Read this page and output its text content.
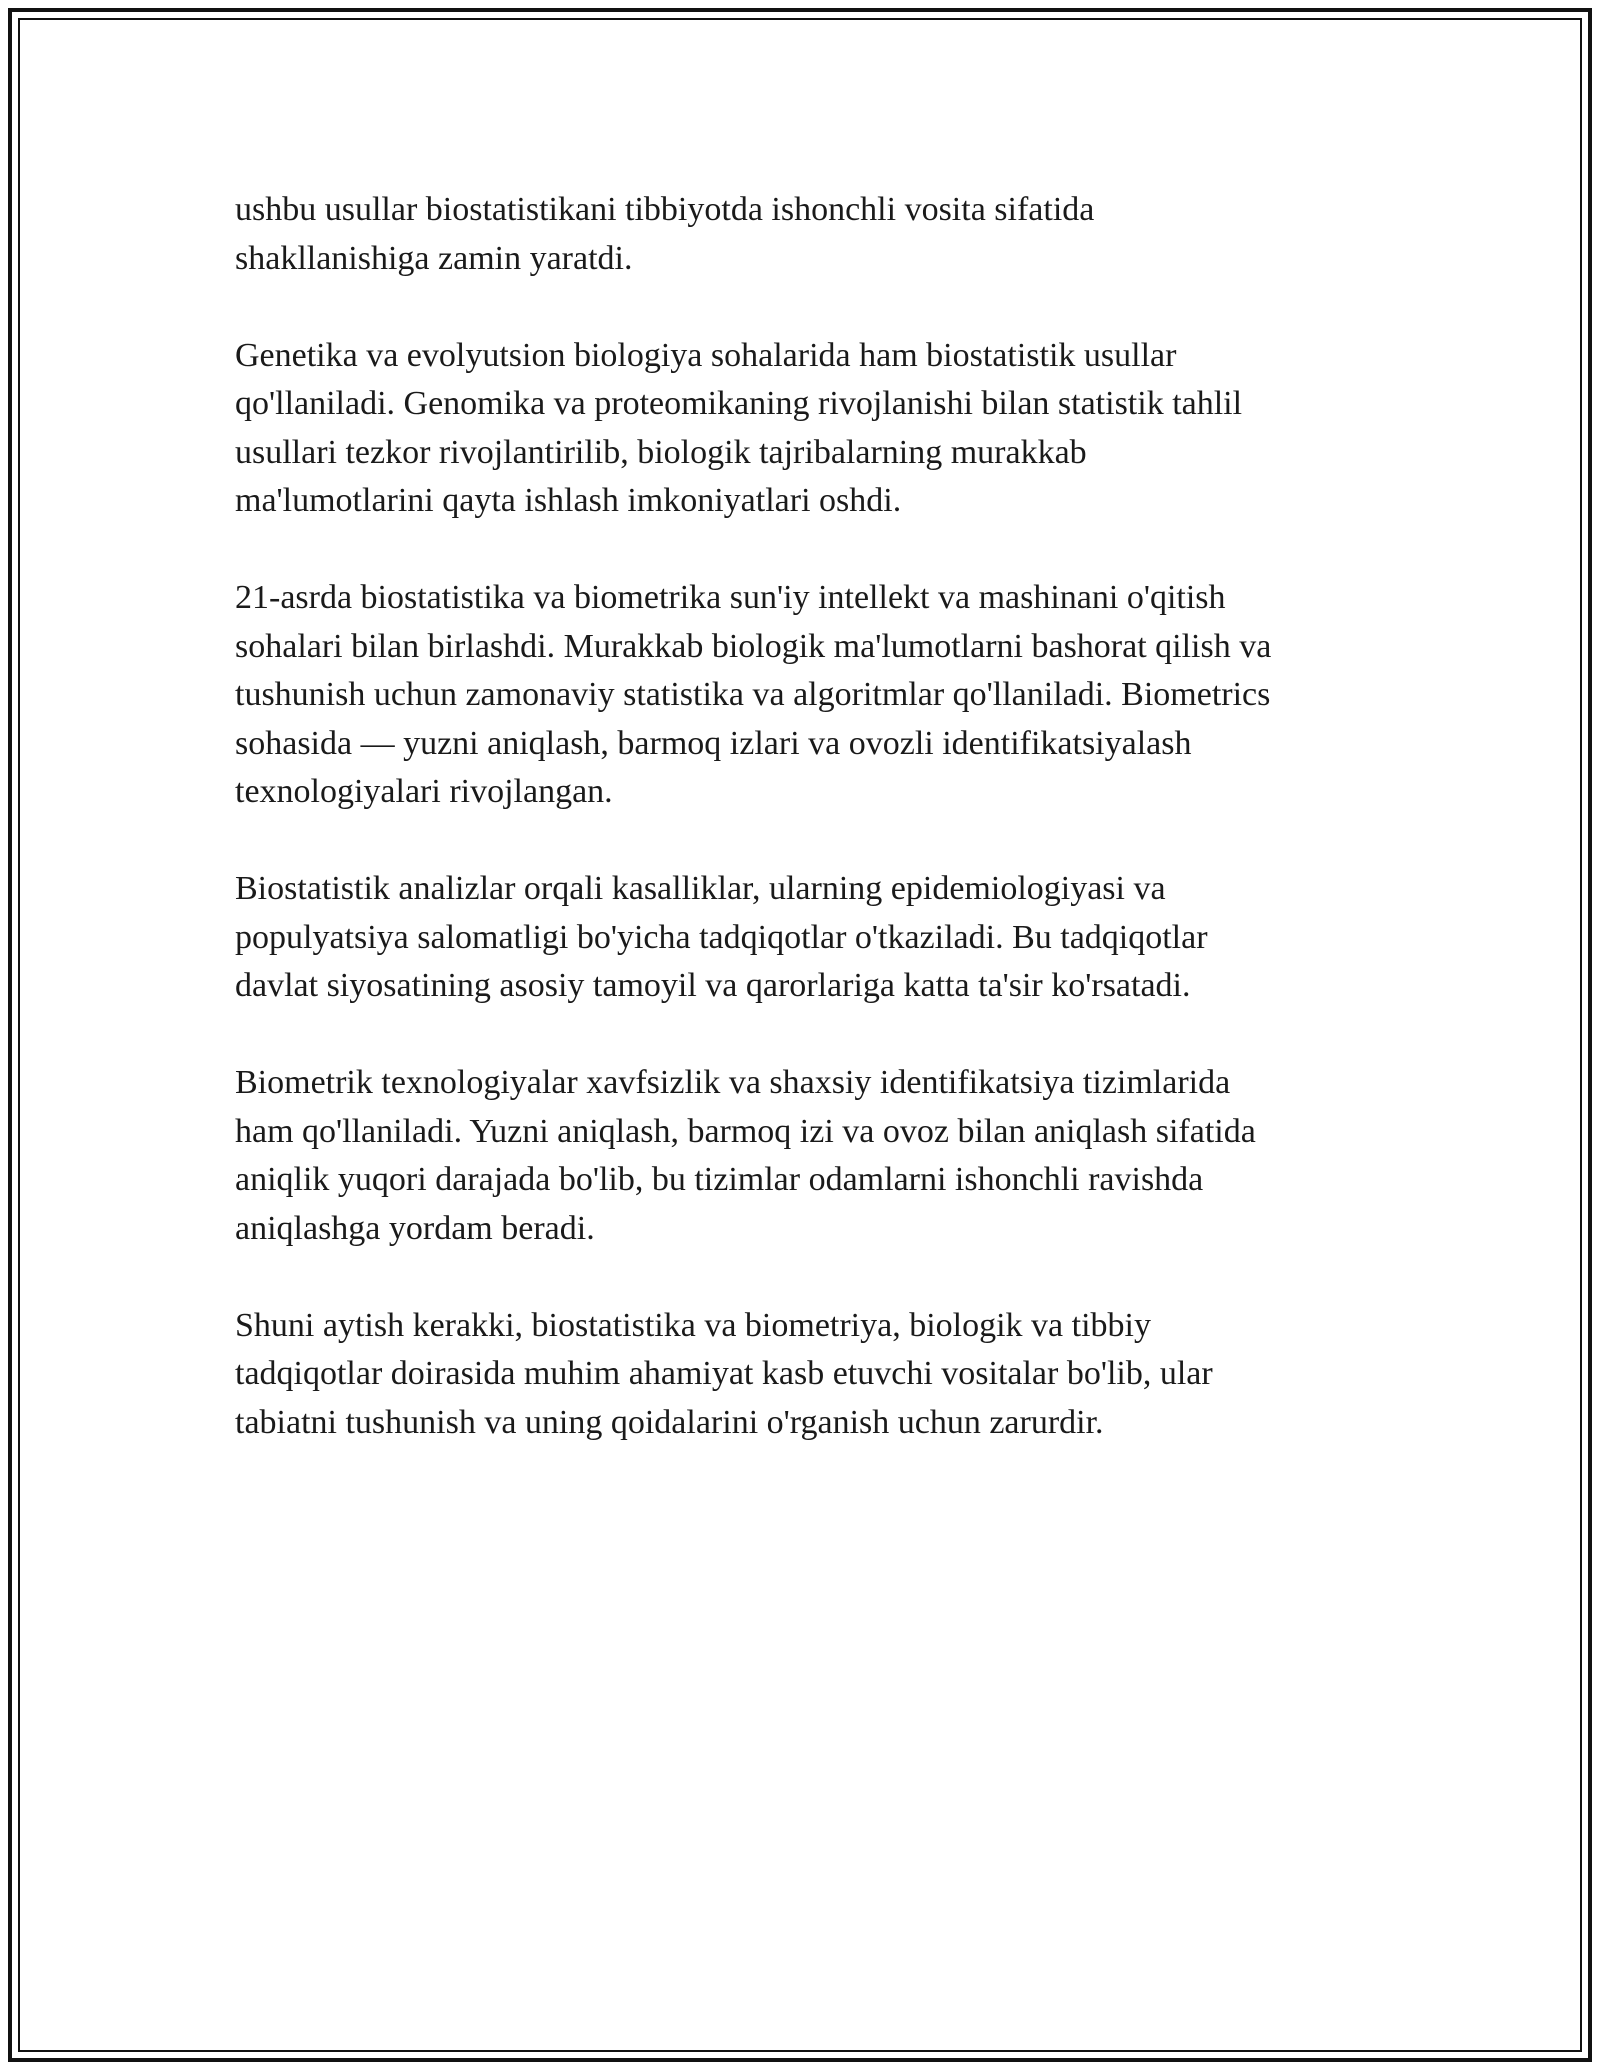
ushbu usullar biostatistikani tibbiyotda ishonchli vosita sifatida
shakllanishiga zamin yaratdi.

Genetika va evolyutsion biologiya sohalarida ham biostatistik usullar
qo'llaniladi. Genomika va proteomikaning rivojlanishi bilan statistik tahlil
usullari tezkor rivojlantirilib, biologik tajribalarning murakkab
ma'lumotlarini qayta ishlash imkoniyatlari oshdi.

21-asrda biostatistika va biometrika sun'iy intellekt va mashinani o'qitish
sohalari bilan birlashdi. Murakkab biologik ma'lumotlarni bashorat qilish va
tushunish uchun zamonaviy statistika va algoritmlar qo'llaniladi. Biometrics
sohasida — yuzni aniqlash, barmoq izlari va ovozli identifikatsiyalash
texnologiyalari rivojlangan.

Biostatistik analizlar orqali kasalliklar, ularning epidemiologiyasi va
populyatsiya salomatligi bo'yicha tadqiqotlar o'tkaziladi. Bu tadqiqotlar
davlat siyosatining asosiy tamoyil va qarorlariga katta ta'sir ko'rsatadi.

Biometrik texnologiyalar xavfsizlik va shaxsiy identifikatsiya tizimlarida
ham qo'llaniladi. Yuzni aniqlash, barmoq izi va ovoz bilan aniqlash sifatida
aniqlik yuqori darajada bo'lib, bu tizimlar odamlarni ishonchli ravishda
aniqlashga yordam beradi.

Shuni aytish kerakki, biostatistika va biometriya, biologik va tibbiy
tadqiqotlar doirasida muhim ahamiyat kasb etuvchi vositalar bo'lib, ular
tabiatni tushunish va uning qoidalarini o'rganish uchun zarurdir.
